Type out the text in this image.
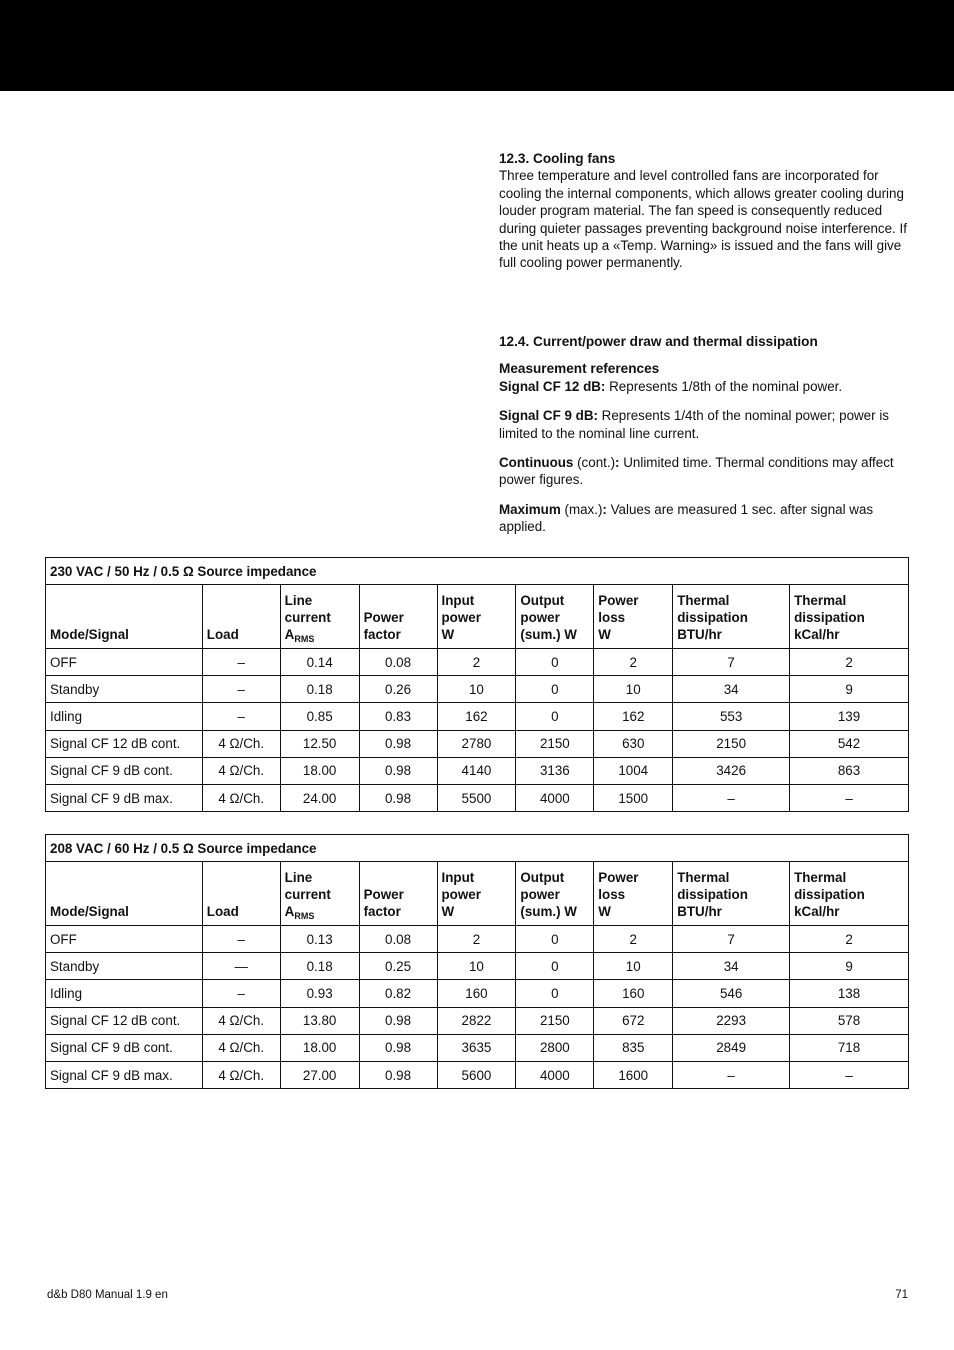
12.3. Cooling fans
Three temperature and level controlled fans are incorporated for cooling the internal components, which allows greater cooling during louder program material. The fan speed is consequently reduced during quieter passages preventing background noise interference. If the unit heats up a «Temp. Warning» is issued and the fans will give full cooling power permanently.
12.4. Current/power draw and thermal dissipation
Measurement references
Signal CF 12 dB: Represents 1/8th of the nominal power.
Signal CF 9 dB: Represents 1/4th of the nominal power; power is limited to the nominal line current.
Continuous (cont.): Unlimited time. Thermal conditions may affect power figures.
Maximum (max.): Values are measured 1 sec. after signal was applied.
230 VAC / 50 Hz / 0.5 Ω Source impedance								
Mode/Signal	Load	Line
current
$A_{RMS}$	Power
factor	Input
power
W	Output
power
(sum.) W	Power
loss
W	Thermal
dissipation
BTU/hr	Thermal
dissipation
kCal/hr
OFF	–	0.14	0.08	2	0	2	7	2
Standby	–	0.18	0.26	10	0	10	34	9
Idling	–	0.85	0.83	162	0	162	553	139
Signal CF 12 dB cont.	4 Ω/Ch.	12.50	0.98	2780	2150	630	2150	542
Signal CF 9 dB cont.	4 Ω/Ch.	18.00	0.98	4140	3136	1004	3426	863
Signal CF 9 dB max.	4 Ω/Ch.	24.00	0.98	5500	4000	1500	–	–
208 VAC / 60 Hz / 0.5 Ω Source impedance								
Mode/Signal	Load	Line
current
$A_{RMS}$	Power
factor	Input
power
W	Output
power
(sum.) W	Power
loss
W	Thermal
dissipation
BTU/hr	Thermal
dissipation
kCal/hr
OFF	–	0.13	0.08	2	0	2	7	2
Standby	—	0.18	0.25	10	0	10	34	9
Idling	–	0.93	0.82	160	0	160	546	138
Signal CF 12 dB cont.	4 Ω/Ch.	13.80	0.98	2822	2150	672	2293	578
Signal CF 9 dB cont.	4 Ω/Ch.	18.00	0.98	3635	2800	835	2849	718
Signal CF 9 dB max.	4 Ω/Ch.	27.00	0.98	5600	4000	1600	–	–
d&b D80 Manual 1.9 en	71
